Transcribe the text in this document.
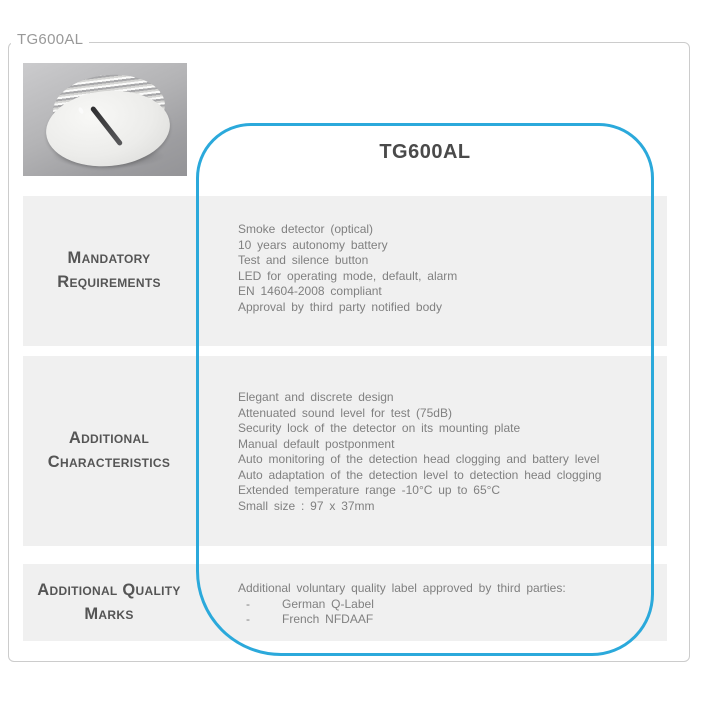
TG600AL
Mandatory Requirements
Smoke detector (optical)
10 years autonomy battery
Test and silence button
LED for operating mode, default, alarm
EN 14604-2008 compliant
Approval by third party notified body
Additional Characteristics
Elegant and discrete design
Attenuated sound level for test (75dB)
Security lock of the detector on its mounting plate
Manual default postponment
Auto monitoring of the detection head clogging and battery level
Auto adaptation of the detection level to detection head clogging
Extended temperature range -10°C up to 65°C
Small size : 97 x 37mm
Additional Quality Marks
Additional voluntary quality label approved by third parties:
- German Q-Label
- French NFDAAF
TG600AL
